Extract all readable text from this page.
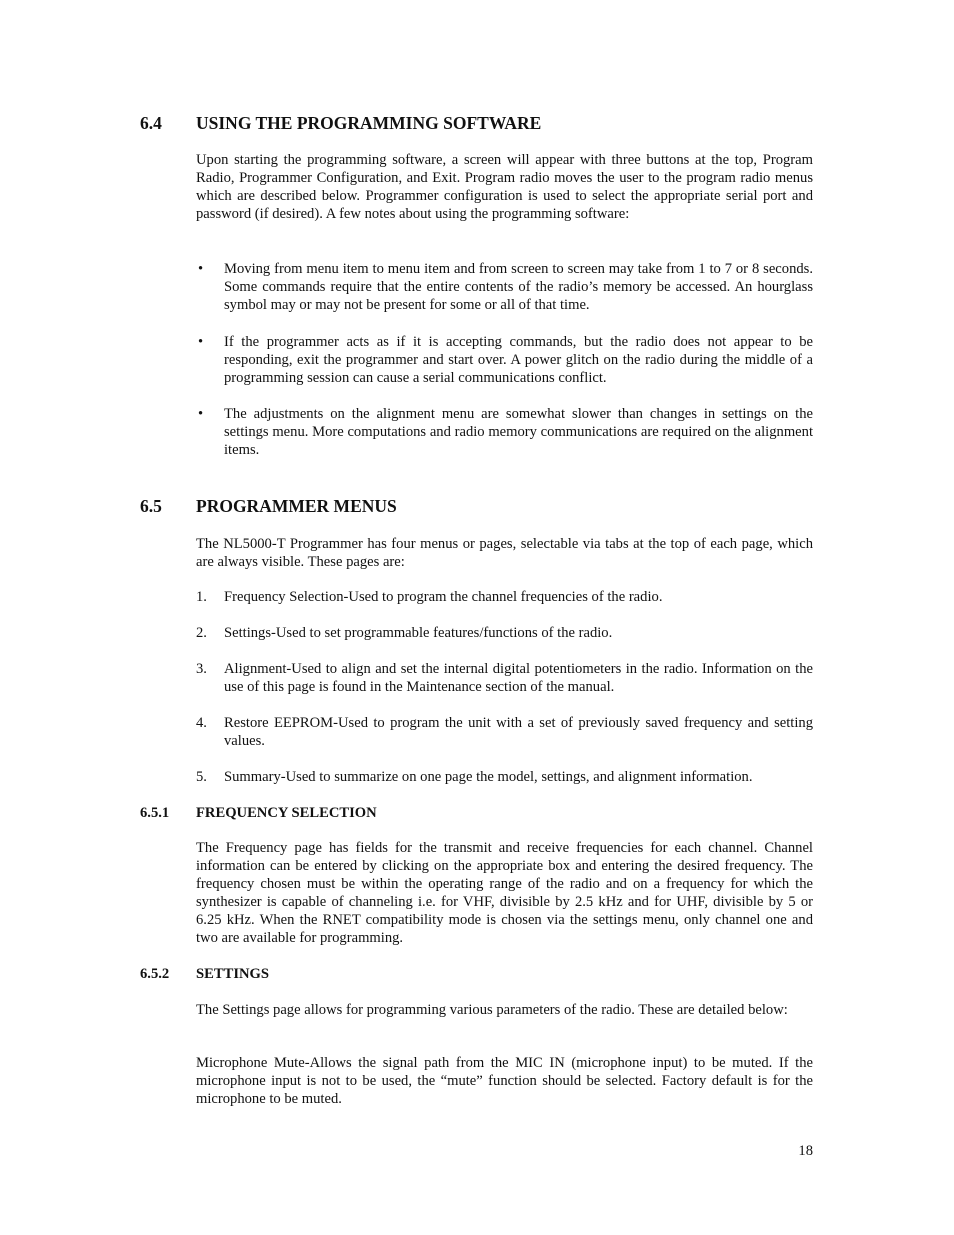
6.4 USING THE PROGRAMMING SOFTWARE

Upon starting the programming software, a screen will appear with three buttons at the top, Program Radio, Programmer Configuration, and Exit. Program radio moves the user to the program radio menus which are described below. Programmer configuration is used to select the appropriate serial port and password (if desired). A few notes about using the programming software:

• Moving from menu item to menu item and from screen to screen may take from 1 to 7 or 8 seconds. Some commands require that the entire contents of the radio’s memory be accessed. An hourglass symbol may or may not be present for some or all of that time.

• If the programmer acts as if it is accepting commands, but the radio does not appear to be responding, exit the programmer and start over. A power glitch on the radio during the middle of a programming session can cause a serial communications conflict.

• The adjustments on the alignment menu are somewhat slower than changes in settings on the settings menu. More computations and radio memory communications are required on the alignment items.

6.5 PROGRAMMER MENUS

The NL5000-T Programmer has four menus or pages, selectable via tabs at the top of each page, which are always visible. These pages are:

1. Frequency Selection-Used to program the channel frequencies of the radio.

2. Settings-Used to set programmable features/functions of the radio.

3. Alignment-Used to align and set the internal digital potentiometers in the radio. Information on the use of this page is found in the Maintenance section of the manual.

4. Restore EEPROM-Used to program the unit with a set of previously saved frequency and setting values.

5. Summary-Used to summarize on one page the model, settings, and alignment information.

6.5.1 FREQUENCY SELECTION

The Frequency page has fields for the transmit and receive frequencies for each channel. Channel information can be entered by clicking on the appropriate box and entering the desired frequency. The frequency chosen must be within the operating range of the radio and on a frequency for which the synthesizer is capable of channeling i.e. for VHF, divisible by 2.5 kHz and for UHF, divisible by 5 or 6.25 kHz. When the RNET compatibility mode is chosen via the settings menu, only channel one and two are available for programming.

6.5.2 SETTINGS

The Settings page allows for programming various parameters of the radio. These are detailed below:

Microphone Mute-Allows the signal path from the MIC IN (microphone input) to be muted. If the microphone input is not to be used, the “mute” function should be selected. Factory default is for the microphone to be muted.

18
